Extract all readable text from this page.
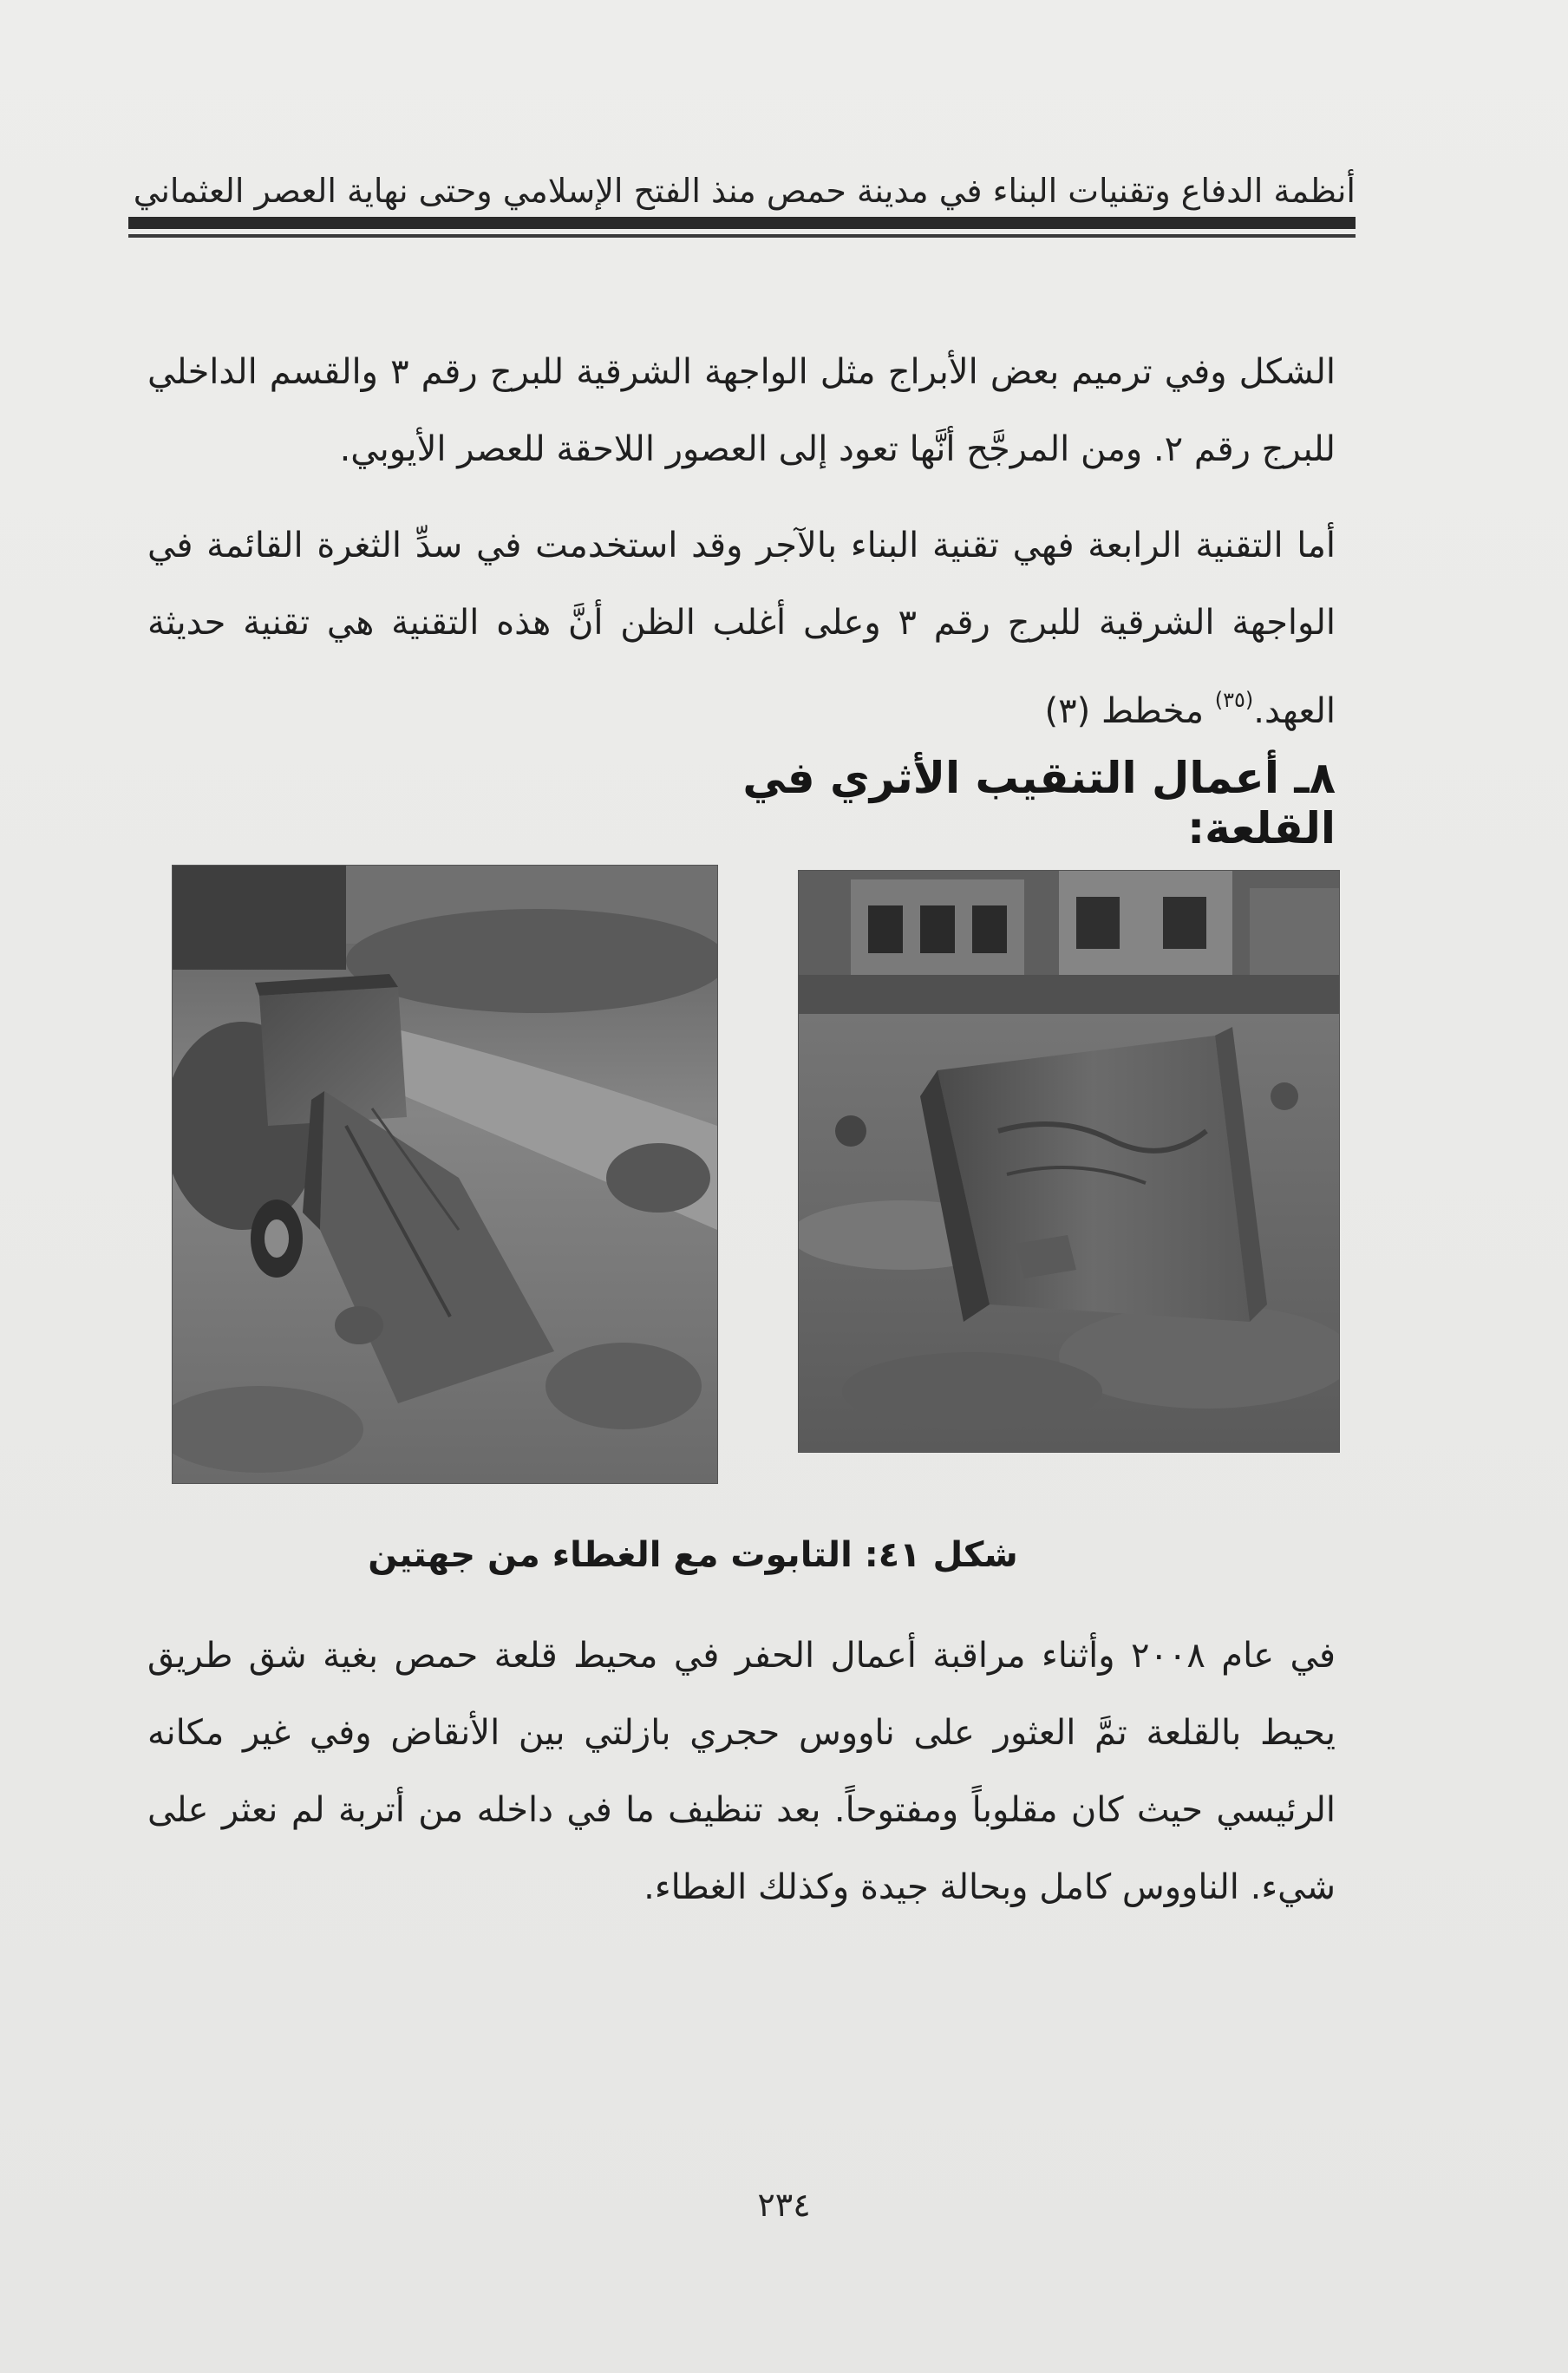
أنظمة الدفاع وتقنيات البناء في مدينة حمص منذ الفتح الإسلامي وحتى نهاية العصر العثماني
الشكل وفي ترميم بعض الأبراج مثل الواجهة الشرقية للبرج رقم ٣ والقسم الداخلي للبرج رقم ٢. ومن المرجَّح أنَّها تعود إلى العصور اللاحقة للعصر الأيوبي.
أما التقنية الرابعة فهي تقنية البناء بالآجر وقد استخدمت في سدِّ الثغرة القائمة في الواجهة الشرقية للبرج رقم ٣ وعلى أغلب الظن أنَّ هذه التقنية هي تقنية حديثة العهد.$^{(٣٥)}$ مخطط (٣)
٨ـ أعمال التنقيب الأثري في القلعة:
شكل ٤١: التابوت مع الغطاء من جهتين
في عام ٢٠٠٨ وأثناء مراقبة أعمال الحفر في محيط قلعة حمص بغية شق طريق يحيط بالقلعة تمَّ العثور على ناووس حجري بازلتي بين الأنقاض وفي غير مكانه الرئيسي حيث كان مقلوباً ومفتوحاً. بعد تنظيف ما في داخله من أتربة لم نعثر على شيء. الناووس كامل وبحالة جيدة وكذلك الغطاء.
٢٣٤
